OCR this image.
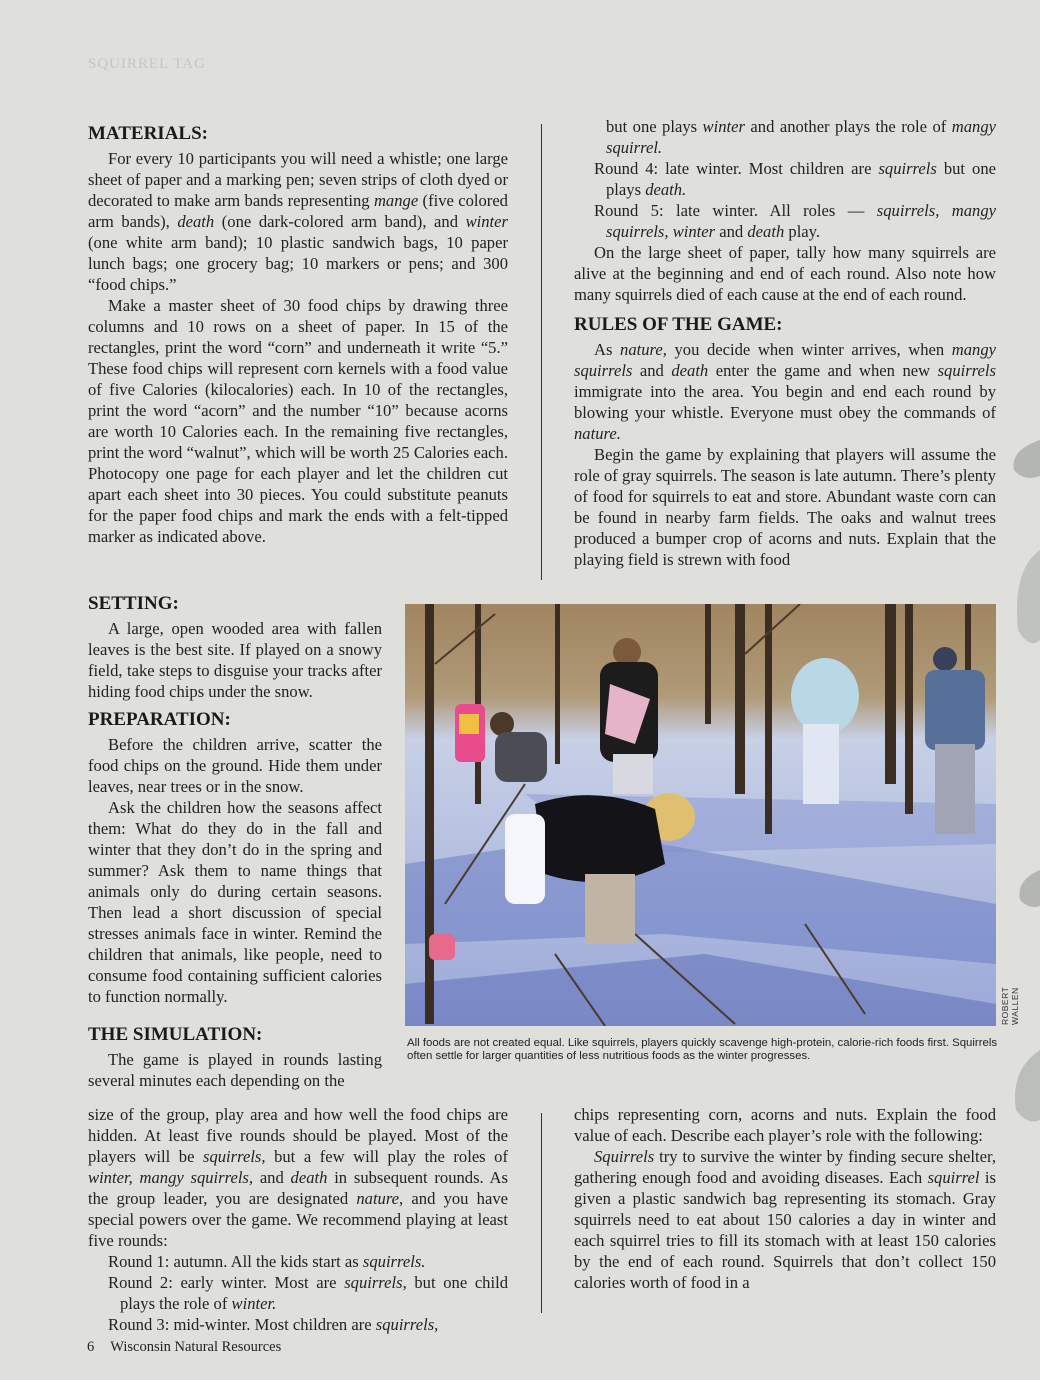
SQUIRREL TAG
MATERIALS:

For every 10 participants you will need a whistle; one large sheet of paper and a marking pen; seven strips of cloth dyed or decorated to make arm bands representing mange (five colored arm bands), death (one dark-colored arm band), and winter (one white arm band); 10 plastic sandwich bags, 10 paper lunch bags; one grocery bag; 10 markers or pens; and 300 “food chips.”

Make a master sheet of 30 food chips by drawing three columns and 10 rows on a sheet of paper. In 15 of the rectangles, print the word “corn” and underneath it write “5.” These food chips will represent corn kernels with a food value of five Calories (kilocalories) each. In 10 of the rectangles, print the word “acorn” and the number “10” because acorns are worth 10 Calories each. In the remaining five rectangles, print the word “walnut”, which will be worth 25 Calories each. Photocopy one page for each player and let the children cut apart each sheet into 30 pieces. You could substitute peanuts for the paper food chips and mark the ends with a felt-tipped marker as indicated above.

SETTING:

A large, open wooded area with fallen leaves is the best site. If played on a snowy field, take steps to disguise your tracks after hiding food chips under the snow.

PREPARATION:

Before the children arrive, scatter the food chips on the ground. Hide them under leaves, near trees or in the snow.

Ask the children how the seasons affect them: What do they do in the fall and winter that they don’t do in the spring and summer? Ask them to name things that animals only do during certain seasons. Then lead a short discussion of special stresses animals face in winter. Remind the children that animals, like people, need to consume food containing sufficient calories to function normally.

THE SIMULATION:

The game is played in rounds lasting several minutes each depending on the

size of the group, play area and how well the food chips are hidden. At least five rounds should be played. Most of the players will be squirrels, but a few will play the roles of winter, mangy squirrels, and death in subsequent rounds. As the group leader, you are designated nature, and you have special powers over the game. We recommend playing at least five rounds:

Round 1: autumn. All the kids start as squirrels.

Round 2: early winter. Most are squirrels, but one child plays the role of winter.

Round 3: mid-winter. Most children are squirrels,

but one plays winter and another plays the role of mangy squirrel.

Round 4: late winter. Most children are squirrels but one plays death.

Round 5: late winter. All roles — squirrels, mangy squirrels, winter and death play.

On the large sheet of paper, tally how many squirrels are alive at the beginning and end of each round. Also note how many squirrels died of each cause at the end of each round.

RULES OF THE GAME:

As nature, you decide when winter arrives, when mangy squirrels and death enter the game and when new squirrels immigrate into the area. You begin and end each round by blowing your whistle. Everyone must obey the commands of nature.

Begin the game by explaining that players will assume the role of gray squirrels. The season is late autumn. There’s plenty of food for squirrels to eat and store. Abundant waste corn can be found in nearby farm fields. The oaks and walnut trees produced a bumper crop of acorns and nuts. Explain that the playing field is strewn with food

chips representing corn, acorns and nuts. Explain the food value of each. Describe each player’s role with the following:

Squirrels try to survive the winter by finding secure shelter, gathering enough food and avoiding diseases. Each squirrel is given a plastic sandwich bag representing its stomach. Gray squirrels need to eat about 150 calories a day in winter and each squirrel tries to fill its stomach with at least 150 calories by the end of each round. Squirrels that don’t collect 150 calories worth of food in a

ROBERT WALLEN
All foods are not created equal. Like squirrels, players quickly scavenge high-protein, calorie-rich foods first. Squirrels often settle for larger quantities of less nutritious foods as the winter progresses.
6 Wisconsin Natural Resources
